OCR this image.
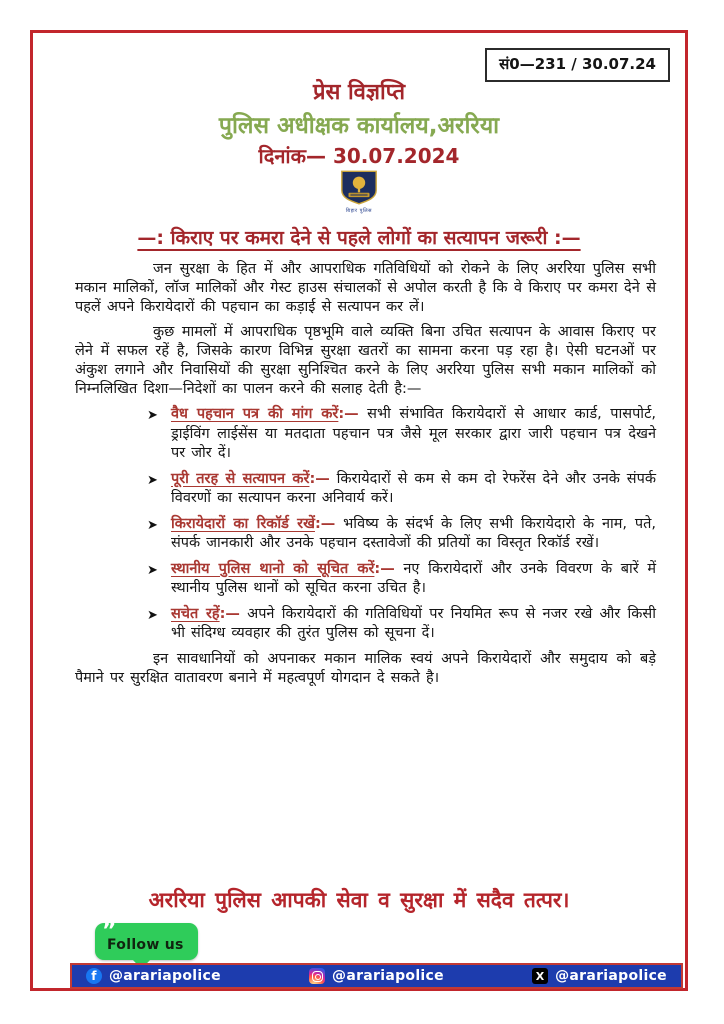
सं0—231 / 30.07.24
प्रेस विज्ञप्ति
पुलिस अधीक्षक कार्यालय,अररिया
दिनांक— 30.07.2024
बिहार पुलिस
—: किराए पर कमरा देने से पहले लोगों का सत्यापन जरूरी :—

जन सुरक्षा के हित में और आपराधिक गतिविधियों को रोकने के लिए अररिया पुलिस सभी मकान मालिकों, लॉज मालिकों और गेस्ट हाउस संचालकों से अपोल करती है कि वे किराए पर कमरा देने से पहलें अपने किरायेदारों की पहचान का कड़ाई से सत्यापन कर लें।

कुछ मामलों में आपराधिक पृष्ठभूमि वाले व्यक्ति बिना उचित सत्यापन के आवास किराए पर लेने में सफल रहें है, जिसके कारण विभिन्न सुरक्षा खतरों का सामना करना पड़ रहा है। ऐसी घटनओं पर अंकुश लगाने और निवासियों की सुरक्षा सुनिश्चित करने के लिए अररिया पुलिस सभी मकान मालिकों को निम्नलिखित दिशा—निदेशों का पालन करने की सलाह देती है:—

➤ वैध पहचान पत्र की मांग करें:— सभी संभावित किरायेदारों से आधार कार्ड, पासपोर्ट, ड्राईविंग लाईसेंस या मतदाता पहचान पत्र जैसे मूल सरकार द्वारा जारी पहचान पत्र देखने पर जोर दें।
➤ पूरी तरह से सत्यापन करें:— किरायेदारों से कम से कम दो रेफरेंस देने और उनके संपर्क विवरणों का सत्यापन करना अनिवार्य करें।
➤ किरायेदारों का रिकॉर्ड रखें:— भविष्य के संदर्भ के लिए सभी किरायेदारो के नाम, पते, संपर्क जानकारी और उनके पहचान दस्तावेजों की प्रतियों का विस्तृत रिकॉर्ड रखें।
➤ स्थानीय पुलिस थानो को सूचित करें:— नए किरायेदारों और उनके विवरण के बारें में स्थानीय पुलिस थानों को सूचित करना उचित है।
➤ सचेत रहें:— अपने किरायेदारों की गतिविधियों पर नियमित रूप से नजर रखे और किसी भी संदिग्ध व्यवहार की तुरंत पुलिस को सूचना दें।

इन सावधानियों को अपनाकर मकान मालिक स्वयं अपने किरायेदारों और समुदाय को बड़े पैमाने पर सुरक्षित वातावरण बनाने में महत्वपूर्ण योगदान दे सकते है।

अररिया पुलिस आपकी सेवा व सुरक्षा में सदैव तत्पर।
”
Follow us
f @arariapolice	@arariapolice	X @arariapolice
